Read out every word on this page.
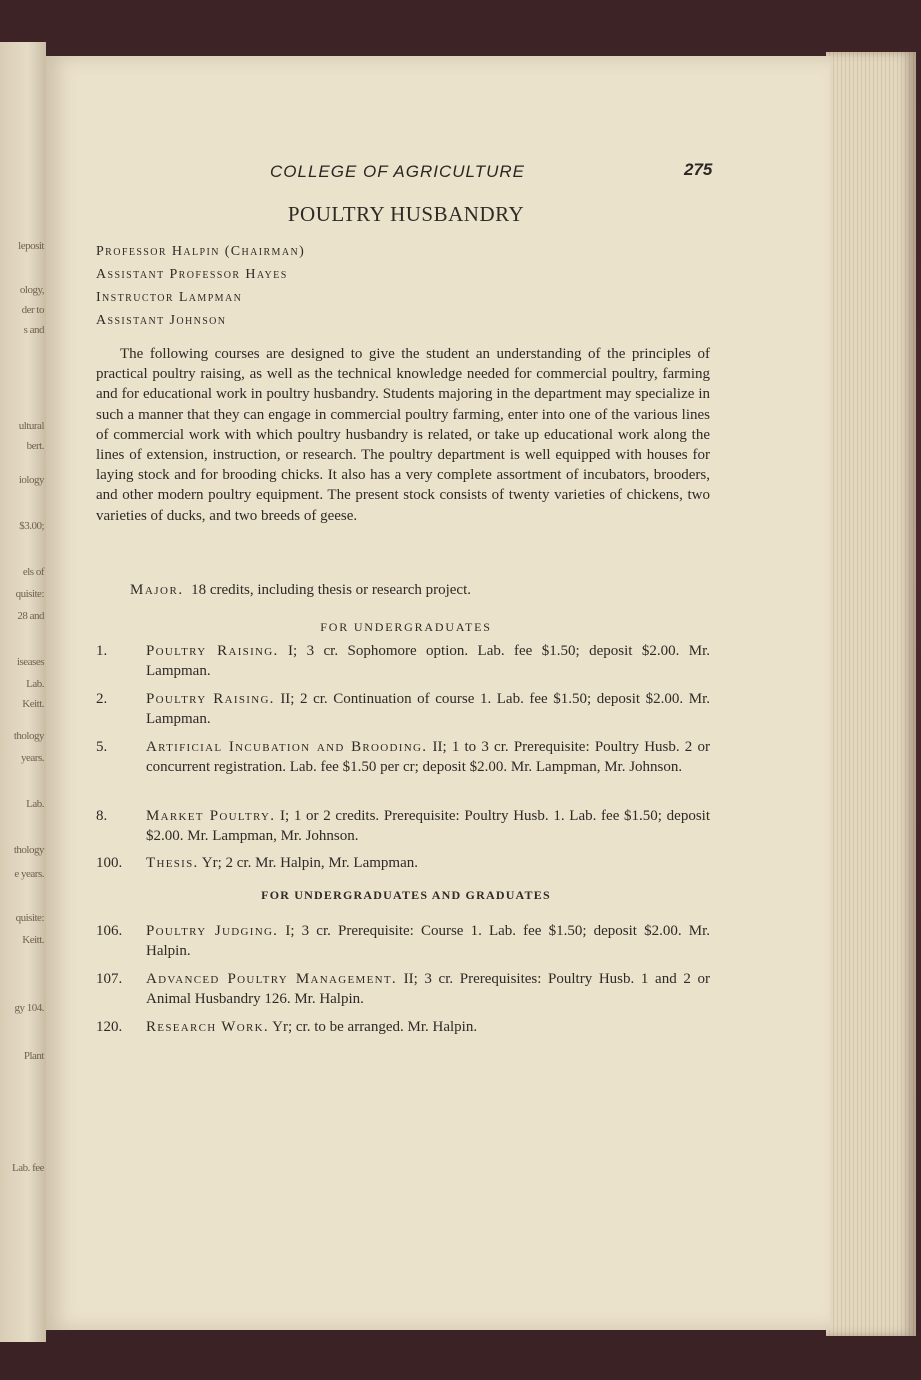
leposit
ology,
der to
s and
ultural
bert.
iology
$3.00;
els of
quisite:
28 and
iseases
Lab.
Keitt.
thology
years.
Lab.
thology
e years.
quisite:
Keitt.
gy 104.
Plant
Lab. fee
COLLEGE OF AGRICULTURE	275
POULTRY HUSBANDRY
Professor Halpin (Chairman)
Assistant Professor Hayes
Instructor Lampman
Assistant Johnson

The following courses are designed to give the student an understanding of the principles of practical poultry raising, as well as the technical knowledge needed for commercial poultry, farming and for educational work in poultry husbandry. Students majoring in the department may specialize in such a manner that they can engage in commercial poultry farming, enter into one of the various lines of commercial work with which poultry husbandry is related, or take up educational work along the lines of extension, instruction, or research. The poultry department is well equipped with houses for laying stock and for brooding chicks. It also has a very complete assortment of incubators, brooders, and other modern poultry equipment. The present stock consists of twenty varieties of chickens, two varieties of ducks, and two breeds of geese.

Major. 18 credits, including thesis or research project.
FOR UNDERGRADUATES
1.	Poultry Raising. I; 3 cr. Sophomore option. Lab. fee $1.50; deposit $2.00. Mr. Lampman.
2.	Poultry Raising. II; 2 cr. Continuation of course 1. Lab. fee $1.50; deposit $2.00. Mr. Lampman.
5.	Artificial Incubation and Brooding. II; 1 to 3 cr. Prerequisite: Poultry Husb. 2 or concurrent registration. Lab. fee $1.50 per cr; deposit $2.00. Mr. Lampman, Mr. Johnson.
8.	Market Poultry. I; 1 or 2 credits. Prerequisite: Poultry Husb. 1. Lab. fee $1.50; deposit $2.00. Mr. Lampman, Mr. Johnson.
100.	Thesis. Yr; 2 cr. Mr. Halpin, Mr. Lampman.
FOR UNDERGRADUATES AND GRADUATES
106.	Poultry Judging. I; 3 cr. Prerequisite: Course 1. Lab. fee $1.50; deposit $2.00. Mr. Halpin.
107.	Advanced Poultry Management. II; 3 cr. Prerequisites: Poultry Husb. 1 and 2 or Animal Husbandry 126. Mr. Halpin.
120.	Research Work. Yr; cr. to be arranged. Mr. Halpin.
